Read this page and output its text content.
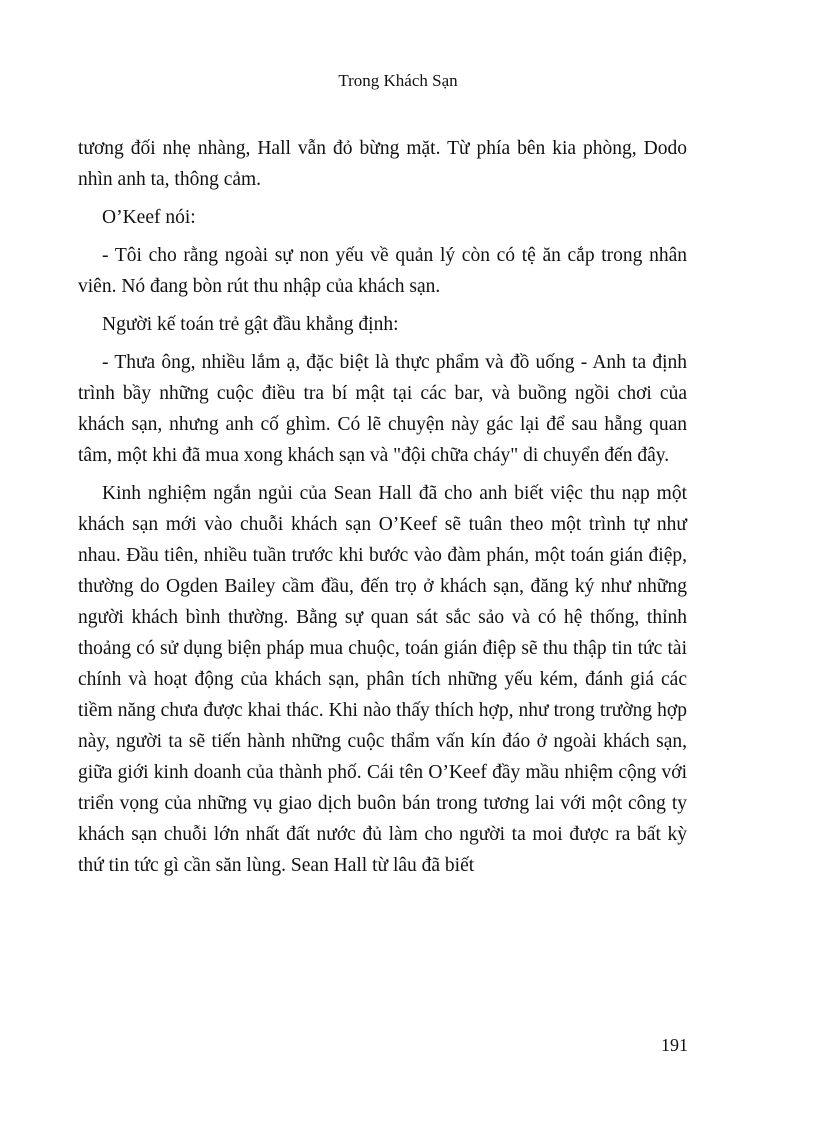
Trong Khách Sạn

tương đối nhẹ nhàng, Hall vẫn đỏ bừng mặt. Từ phía bên kia phòng, Dodo nhìn anh ta, thông cảm.

O’Keef nói:

- Tôi cho rằng ngoài sự non yếu về quản lý còn có tệ ăn cắp trong nhân viên. Nó đang bòn rút thu nhập của khách sạn.

Người kế toán trẻ gật đầu khẳng định:

- Thưa ông, nhiều lắm ạ, đặc biệt là thực phẩm và đồ uống - Anh ta định trình bầy những cuộc điều tra bí mật tại các bar, và buồng ngồi chơi của khách sạn, nhưng anh cố ghìm. Có lẽ chuyện này gác lại để sau hẵng quan tâm, một khi đã mua xong khách sạn và "đội chữa cháy" di chuyển đến đây.

Kinh nghiệm ngắn ngủi của Sean Hall đã cho anh biết việc thu nạp một khách sạn mới vào chuỗi khách sạn O’Keef sẽ tuân theo một trình tự như nhau. Đầu tiên, nhiều tuần trước khi bước vào đàm phán, một toán gián điệp, thường do Ogden Bailey cầm đầu, đến trọ ở khách sạn, đăng ký như những người khách bình thường. Bằng sự quan sát sắc sảo và có hệ thống, thỉnh thoảng có sử dụng biện pháp mua chuộc, toán gián điệp sẽ thu thập tin tức tài chính và hoạt động của khách sạn, phân tích những yếu kém, đánh giá các tiềm năng chưa được khai thác. Khi nào thấy thích hợp, như trong trường hợp này, người ta sẽ tiến hành những cuộc thẩm vấn kín đáo ở ngoài khách sạn, giữa giới kinh doanh của thành phố. Cái tên O’Keef đầy mầu nhiệm cộng với triển vọng của những vụ giao dịch buôn bán trong tương lai với một công ty khách sạn chuỗi lớn nhất đất nước đủ làm cho người ta moi được ra bất kỳ thứ tin tức gì cần săn lùng. Sean Hall từ lâu đã biết

191
